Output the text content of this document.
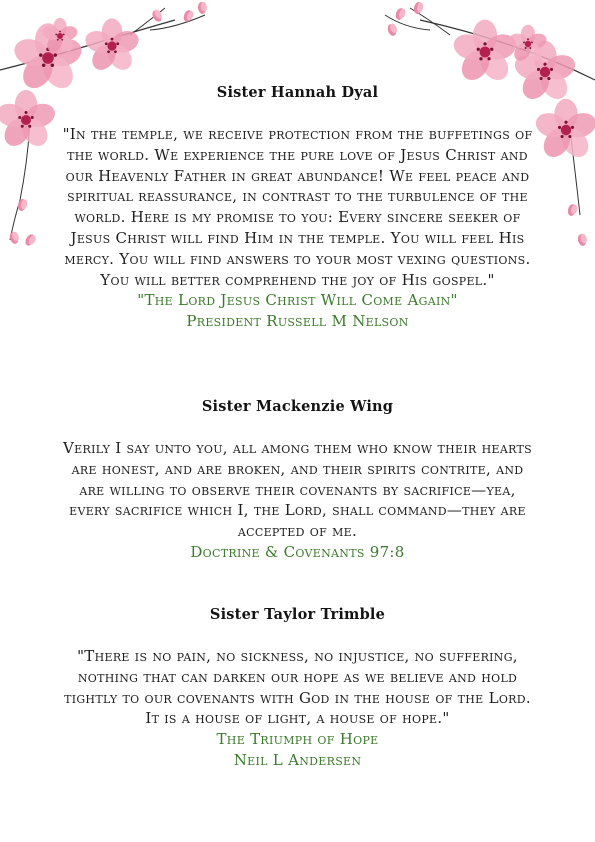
Sister Hannah Dyal

"In the temple, we receive protection from the buffetings of the world. We experience the pure love of Jesus Christ and our Heavenly Father in great abundance! We feel peace and spiritual reassurance, in contrast to the turbulence of the world. Here is my promise to you: Every sincere seeker of Jesus Christ will find Him in the temple. You will feel His mercy. You will find answers to your most vexing questions. You will better comprehend the joy of His gospel."

"The Lord Jesus Christ Will Come Again"

President Russell M Nelson

Sister Mackenzie Wing

Verily I say unto you, all among them who know their hearts are honest, and are broken, and their spirits contrite, and are willing to observe their covenants by sacrifice—yea, every sacrifice which I, the Lord, shall command—they are accepted of me.

Doctrine & Covenants 97:8

Sister Taylor Trimble

"There is no pain, no sickness, no injustice, no suffering, nothing that can darken our hope as we believe and hold tightly to our covenants with God in the house of the Lord. It is a house of light, a house of hope."

The Triumph of Hope

Neil L Andersen
